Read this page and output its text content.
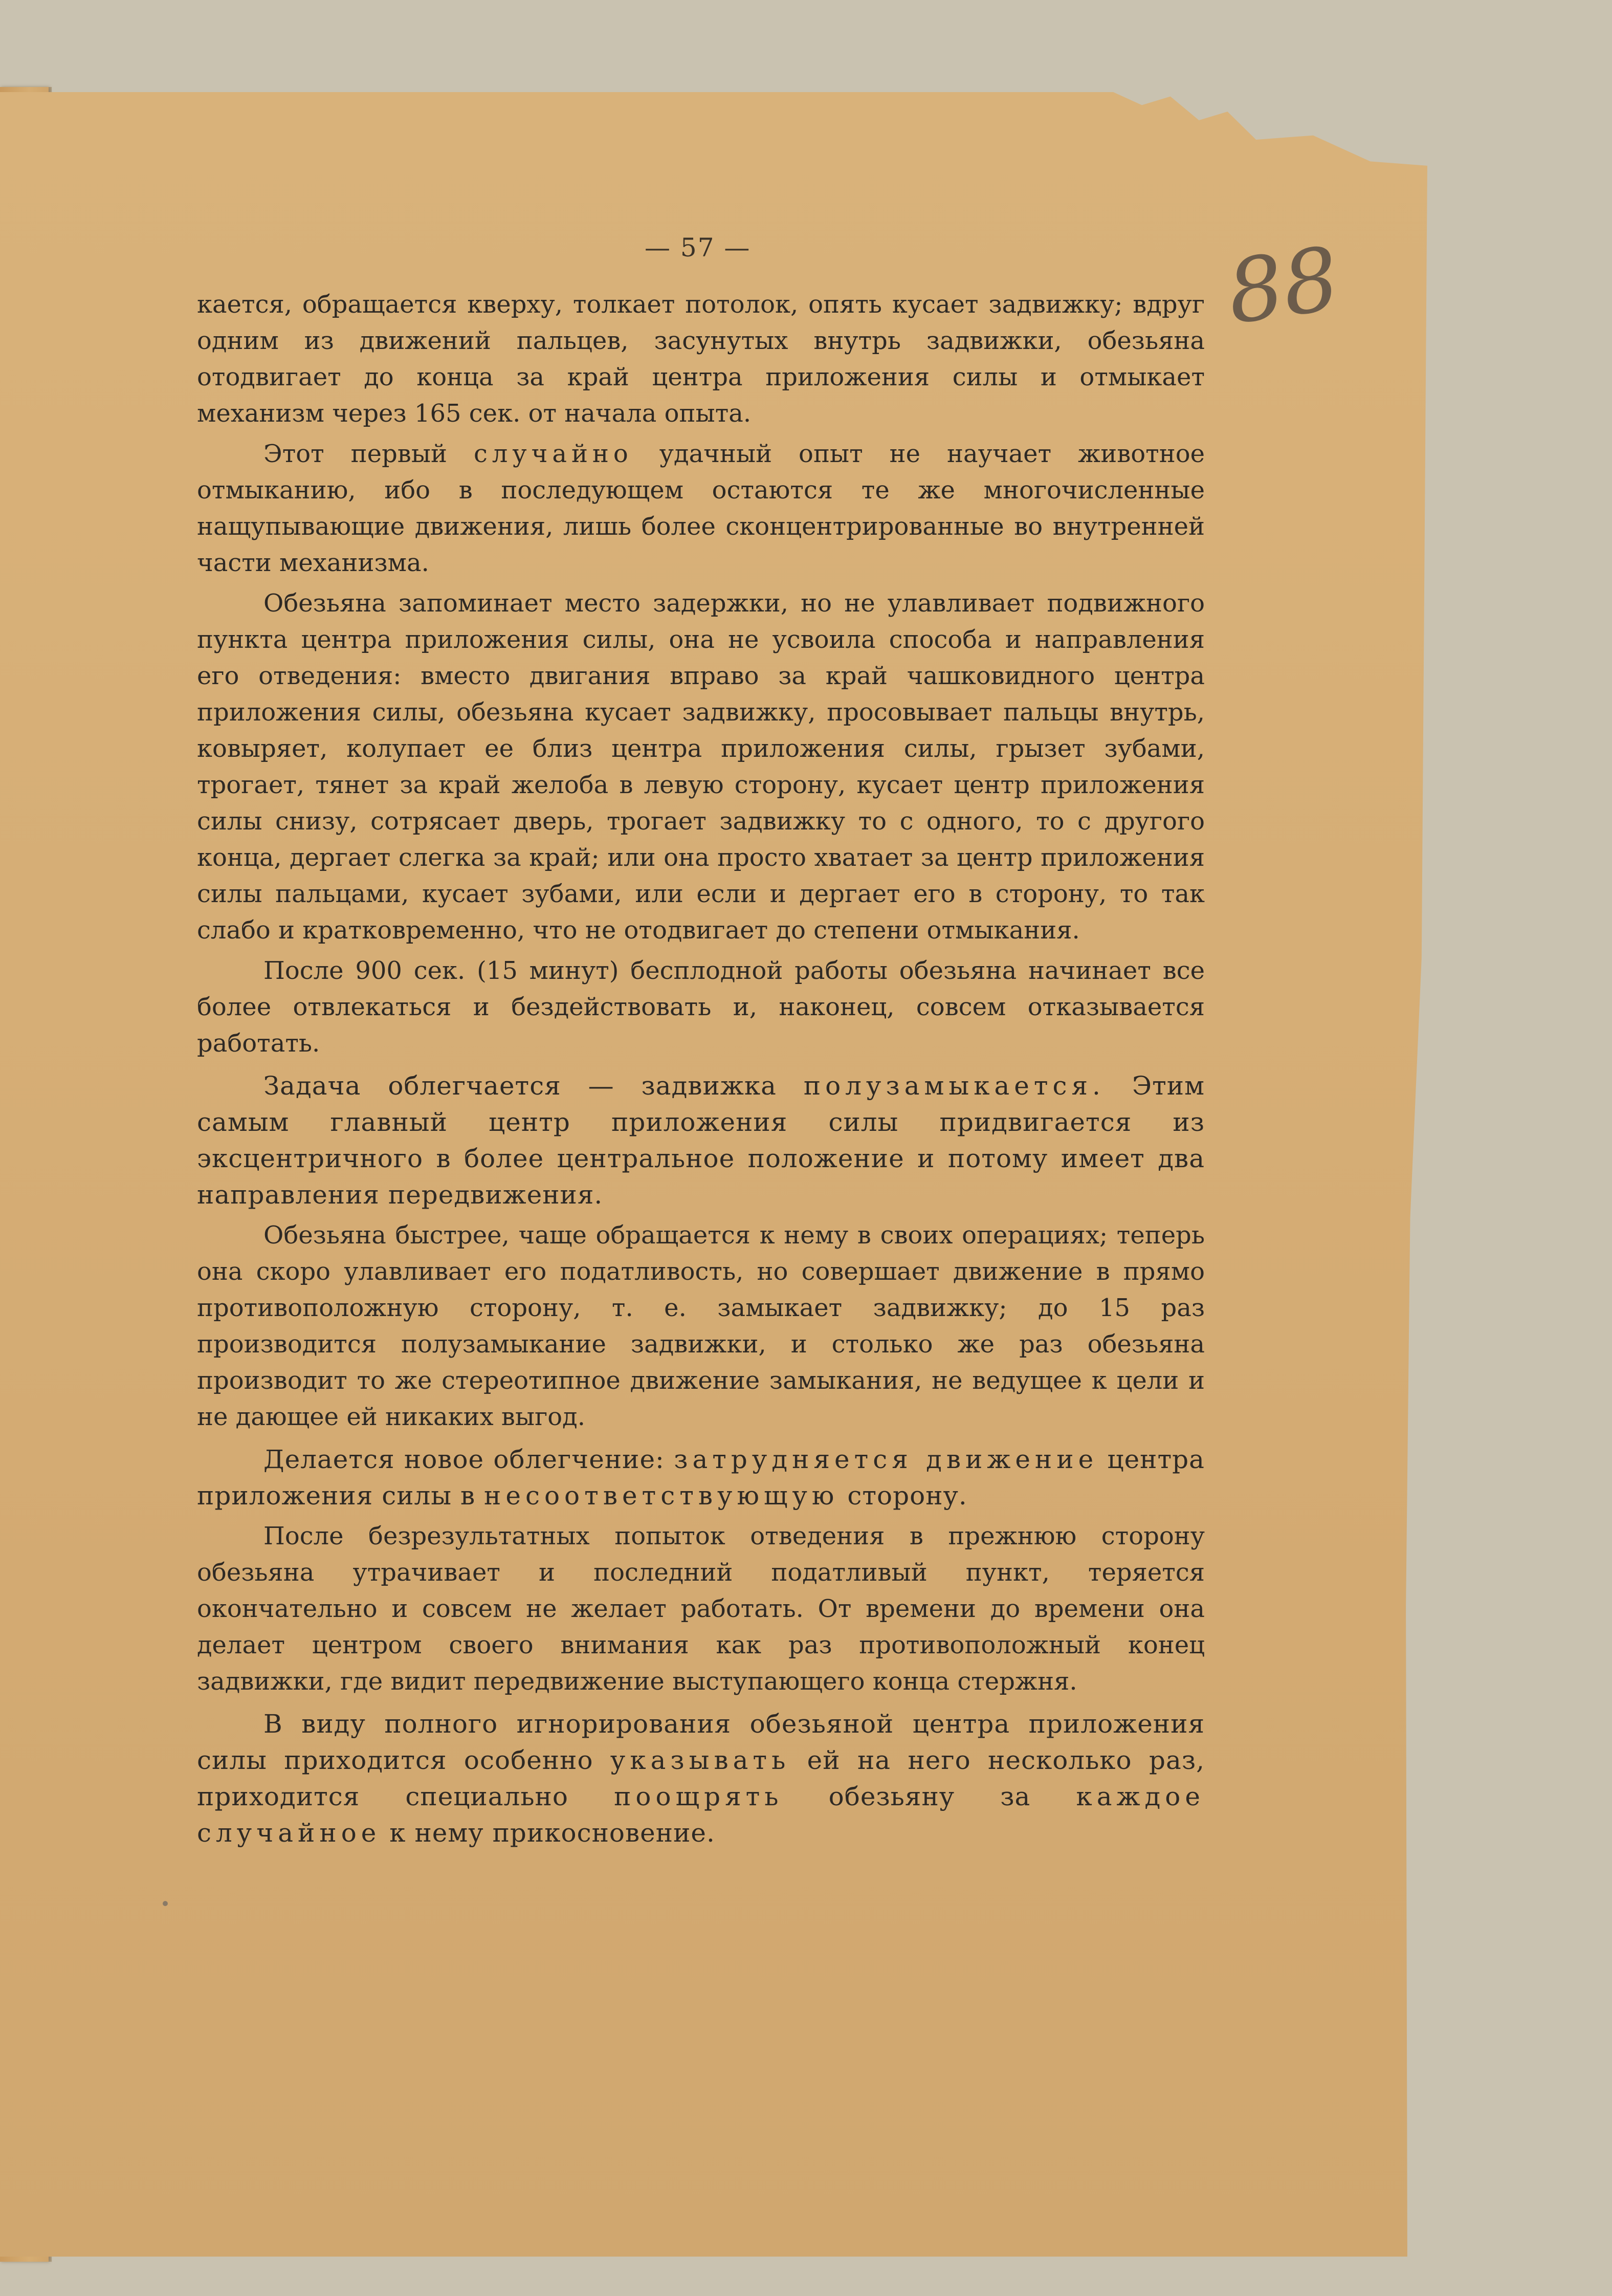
— 57 —	88

кается, обращается кверху, толкает потолок, опять кусает задвижку; вдруг одним из движений пальцев, засунутых внутрь задвижки, обезьяна отодвигает до конца за край центра приложения силы и отмыкает механизм через 165 сек. от начала опыта.

Этот первый случайно удачный опыт не научает животное отмыканию, ибо в последующем остаются те же многочисленные нащупывающие движения, лишь более сконцентрированные во внутренней части механизма.

Обезьяна запоминает место задержки, но не улавливает подвижного пункта центра приложения силы, она не усвоила способа и направления его отведения: вместо двигания вправо за край чашковидного центра приложения силы, обезьяна кусает задвижку, просовывает пальцы внутрь, ковыряет, колупает ее близ центра приложения силы, грызет зубами, трогает, тянет за край желоба в левую сторону, кусает центр приложения силы снизу, сотрясает дверь, трогает задвижку то с одного, то с другого конца, дергает слегка за край; или она просто хватает за центр приложения силы пальцами, кусает зубами, или если и дергает его в сторону, то так слабо и кратковременно, что не отодвигает до степени отмыкания.

После 900 сек. (15 минут) бесплодной работы обезьяна начинает все более отвлекаться и бездействовать и, наконец, совсем отказывается работать.

Задача облегчается — задвижка полузамыкается. Этим самым главный центр приложения силы придвигается из эксцентричного в более центральное положение и потому имеет два направления передвижения.

Обезьяна быстрее, чаще обращается к нему в своих операциях; теперь она скоро улавливает его податливость, но совершает движение в прямо противоположную сторону, т. е. замыкает задвижку; до 15 раз производится полузамыкание задвижки, и столько же раз обезьяна производит то же стереотипное движение замыкания, не ведущее к цели и не дающее ей никаких выгод.

Делается новое облегчение: затрудняется движение центра приложения силы в несоответствующую сторону.

После безрезультатных попыток отведения в прежнюю сторону обезьяна утрачивает и последний податливый пункт, теряется окончательно и совсем не желает работать. От времени до времени она делает центром своего внимания как раз противоположный конец задвижки, где видит передвижение выступающего конца стержня.

В виду полного игнорирования обезьяной центра приложения силы приходится особенно указывать ей на него несколько раз, приходится специально поощрять обезьяну за каждое случайное к нему прикосновение.
